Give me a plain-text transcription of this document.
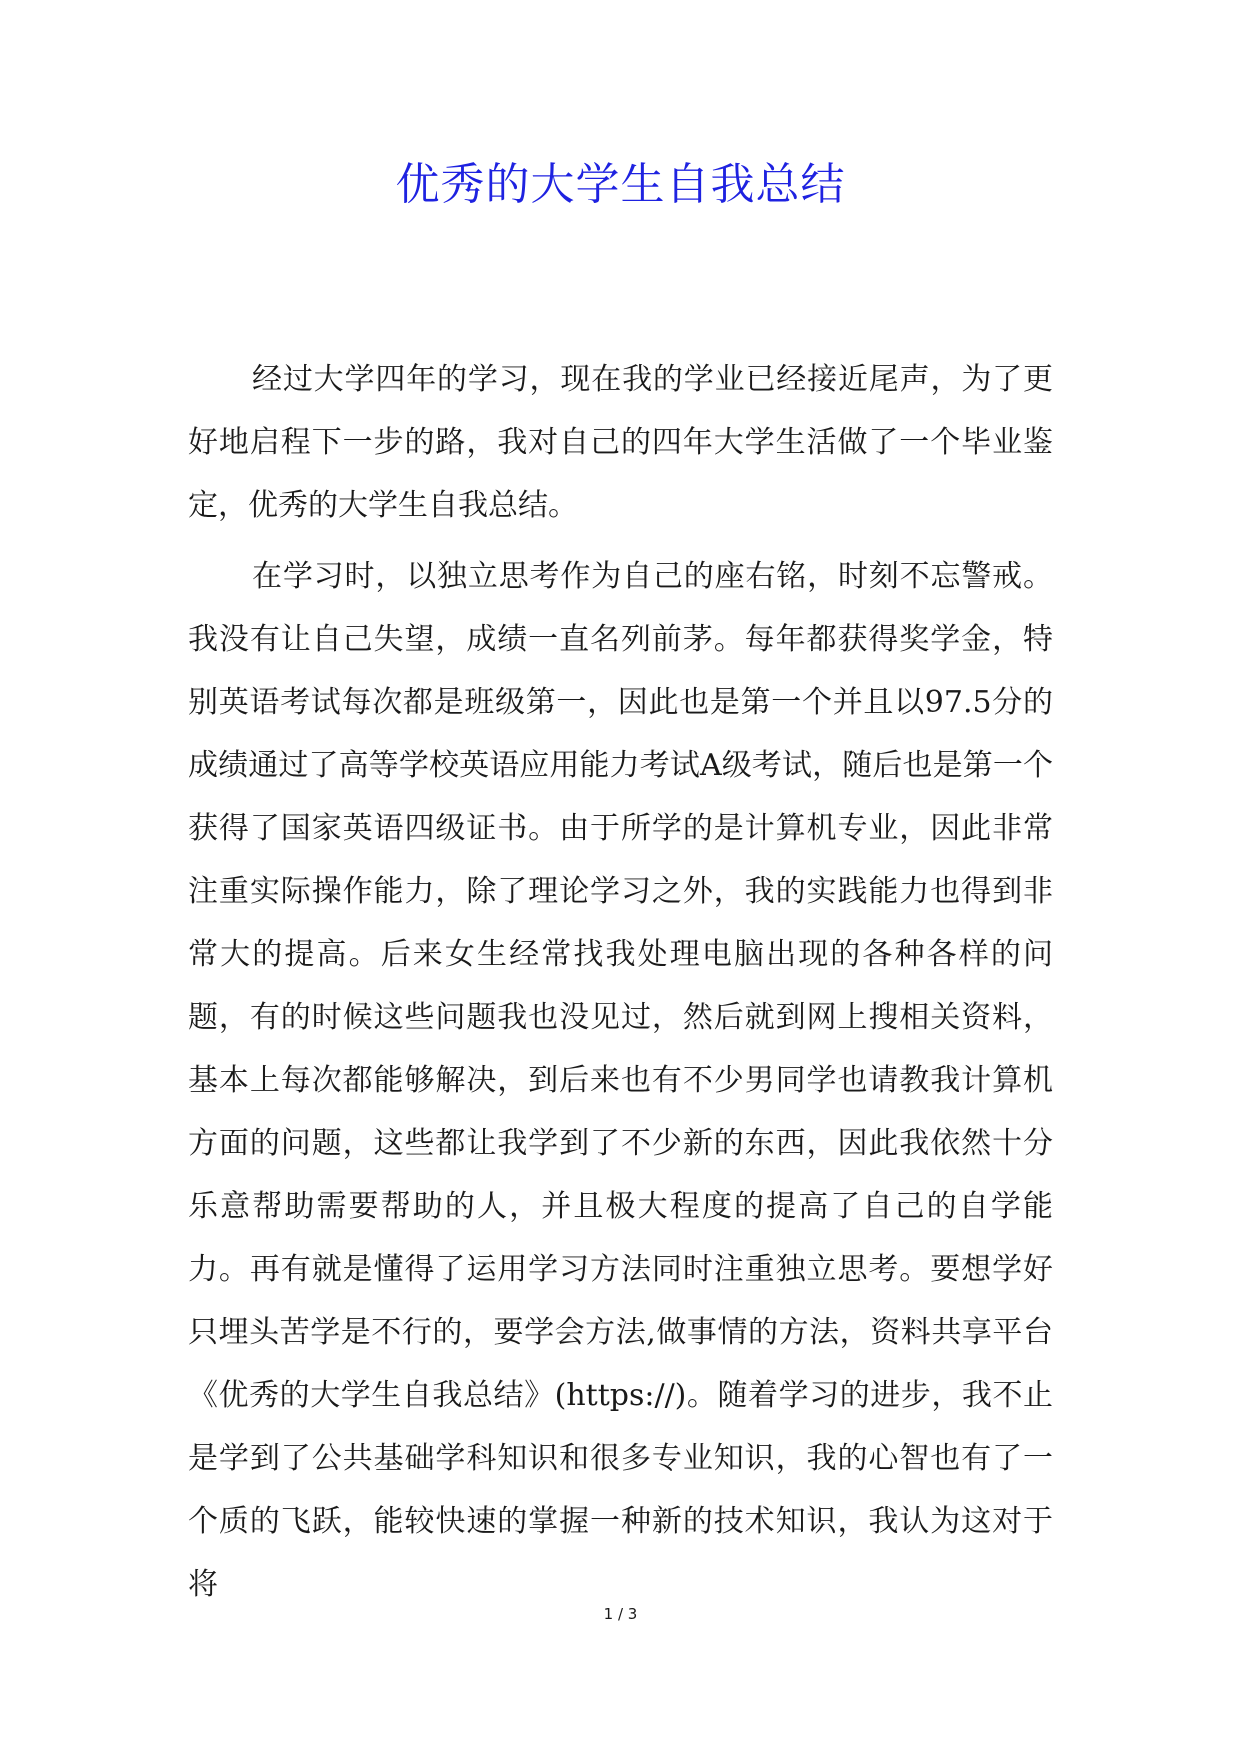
优秀的大学生自我总结

经过大学四年的学习，现在我的学业已经接近尾声，为了更好地启程下一步的路，我对自己的四年大学生活做了一个毕业鉴定，优秀的大学生自我总结。

在学习时，以独立思考作为自己的座右铭，时刻不忘警戒。我没有让自己失望，成绩一直名列前茅。每年都获得奖学金，特别英语考试每次都是班级第一，因此也是第一个并且以97.5分的成绩通过了高等学校英语应用能力考试A级考试，随后也是第一个获得了国家英语四级证书。由于所学的是计算机专业，因此非常注重实际操作能力，除了理论学习之外，我的实践能力也得到非常大的提高。后来女生经常找我处理电脑出现的各种各样的问题，有的时候这些问题我也没见过，然后就到网上搜相关资料，基本上每次都能够解决，到后来也有不少男同学也请教我计算机方面的问题，这些都让我学到了不少新的东西，因此我依然十分乐意帮助需要帮助的人，并且极大程度的提高了自己的自学能力。再有就是懂得了运用学习方法同时注重独立思考。要想学好只埋头苦学是不行的，要学会方法,做事情的方法，资料共享平台《优秀的大学生自我总结》(https://)。随着学习的进步，我不止是学到了公共基础学科知识和很多专业知识，我的心智也有了一个质的飞跃，能较快速的掌握一种新的技术知识，我认为这对于将

1 / 3
